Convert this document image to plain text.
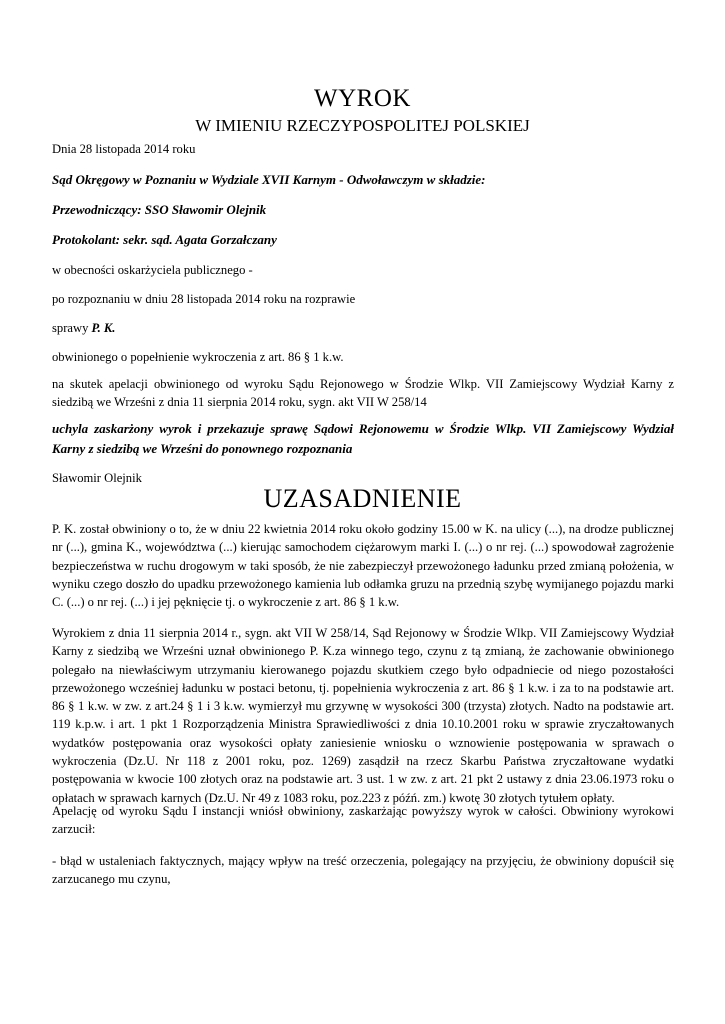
WYROK
W IMIENIU RZECZYPOSPOLITEJ POLSKIEJ
Dnia 28 listopada 2014 roku
Sąd Okręgowy w Poznaniu w Wydziale XVII Karnym - Odwoławczym w składzie:
Przewodniczący: SSO Sławomir Olejnik
Protokolant: sekr. sąd. Agata Gorzałczany
w obecności oskarżyciela publicznego -
po rozpoznaniu w dniu 28 listopada 2014 roku na rozprawie
sprawy P. K.
obwinionego o popełnienie wykroczenia z art. 86 § 1 k.w.
na skutek apelacji obwinionego od wyroku Sądu Rejonowego w Środzie Wlkp. VII Zamiejscowy Wydział Karny z siedzibą we Wrześni z dnia 11 sierpnia 2014 roku, sygn. akt VII W 258/14
uchyla zaskarżony wyrok i przekazuje sprawę Sądowi Rejonowemu w Środzie Wlkp. VII Zamiejscowy Wydział Karny z siedzibą we Wrześni do ponownego rozpoznania
Sławomir Olejnik
UZASADNIENIE
P. K. został obwiniony o to, że w dniu 22 kwietnia 2014 roku około godziny 15.00 w K. na ulicy (...), na drodze publicznej nr (...), gmina K., województwa (...) kierując samochodem ciężarowym marki I. (...) o nr rej. (...) spowodował zagrożenie bezpieczeństwa w ruchu drogowym w taki sposób, że nie zabezpieczył przewożonego ładunku przed zmianą położenia, w wyniku czego doszło do upadku przewożonego kamienia lub odłamka gruzu na przednią szybę wymijanego pojazdu marki C. (...) o nr rej. (...) i jej pęknięcie tj. o wykroczenie z art. 86 § 1 k.w.
Wyrokiem z dnia 11 sierpnia 2014 r., sygn. akt VII W 258/14, Sąd Rejonowy w Środzie Wlkp. VII Zamiejscowy Wydział Karny z siedzibą we Wrześni uznał obwinionego P. K.za winnego tego, czynu z tą zmianą, że zachowanie obwinionego polegało na niewłaściwym utrzymaniu kierowanego pojazdu skutkiem czego było odpadniecie od niego pozostałości przewożonego wcześniej ładunku w postaci betonu, tj. popełnienia wykroczenia z art. 86 § 1 k.w. i za to na podstawie art. 86 § 1 k.w. w zw. z art.24 § 1 i 3 k.w. wymierzył mu grzywnę w wysokości 300 (trzysta) złotych. Nadto na podstawie art. 119 k.p.w. i art. 1 pkt 1 Rozporządzenia Ministra Sprawiedliwości z dnia 10.10.2001 roku w sprawie zryczałtowanych wydatków postępowania oraz wysokości opłaty zaniesienie wniosku o wznowienie postępowania w sprawach o wykroczenia (Dz.U. Nr 118 z 2001 roku, poz. 1269) zasądził na rzecz Skarbu Państwa zryczałtowane wydatki postępowania w kwocie 100 złotych oraz na podstawie art. 3 ust. 1 w zw. z art. 21 pkt 2 ustawy z dnia 23.06.1973 roku o opłatach w sprawach karnych (Dz.U. Nr 49 z 1083 roku, poz.223 z późń. zm.) kwotę 30 złotych tytułem opłaty.
Apelację od wyroku Sądu I instancji wniósł obwiniony, zaskarżając powyższy wyrok w całości. Obwiniony wyrokowi zarzucił:
- błąd w ustaleniach faktycznych, mający wpływ na treść orzeczenia, polegający na przyjęciu, że obwiniony dopuścił się zarzucanego mu czynu,
